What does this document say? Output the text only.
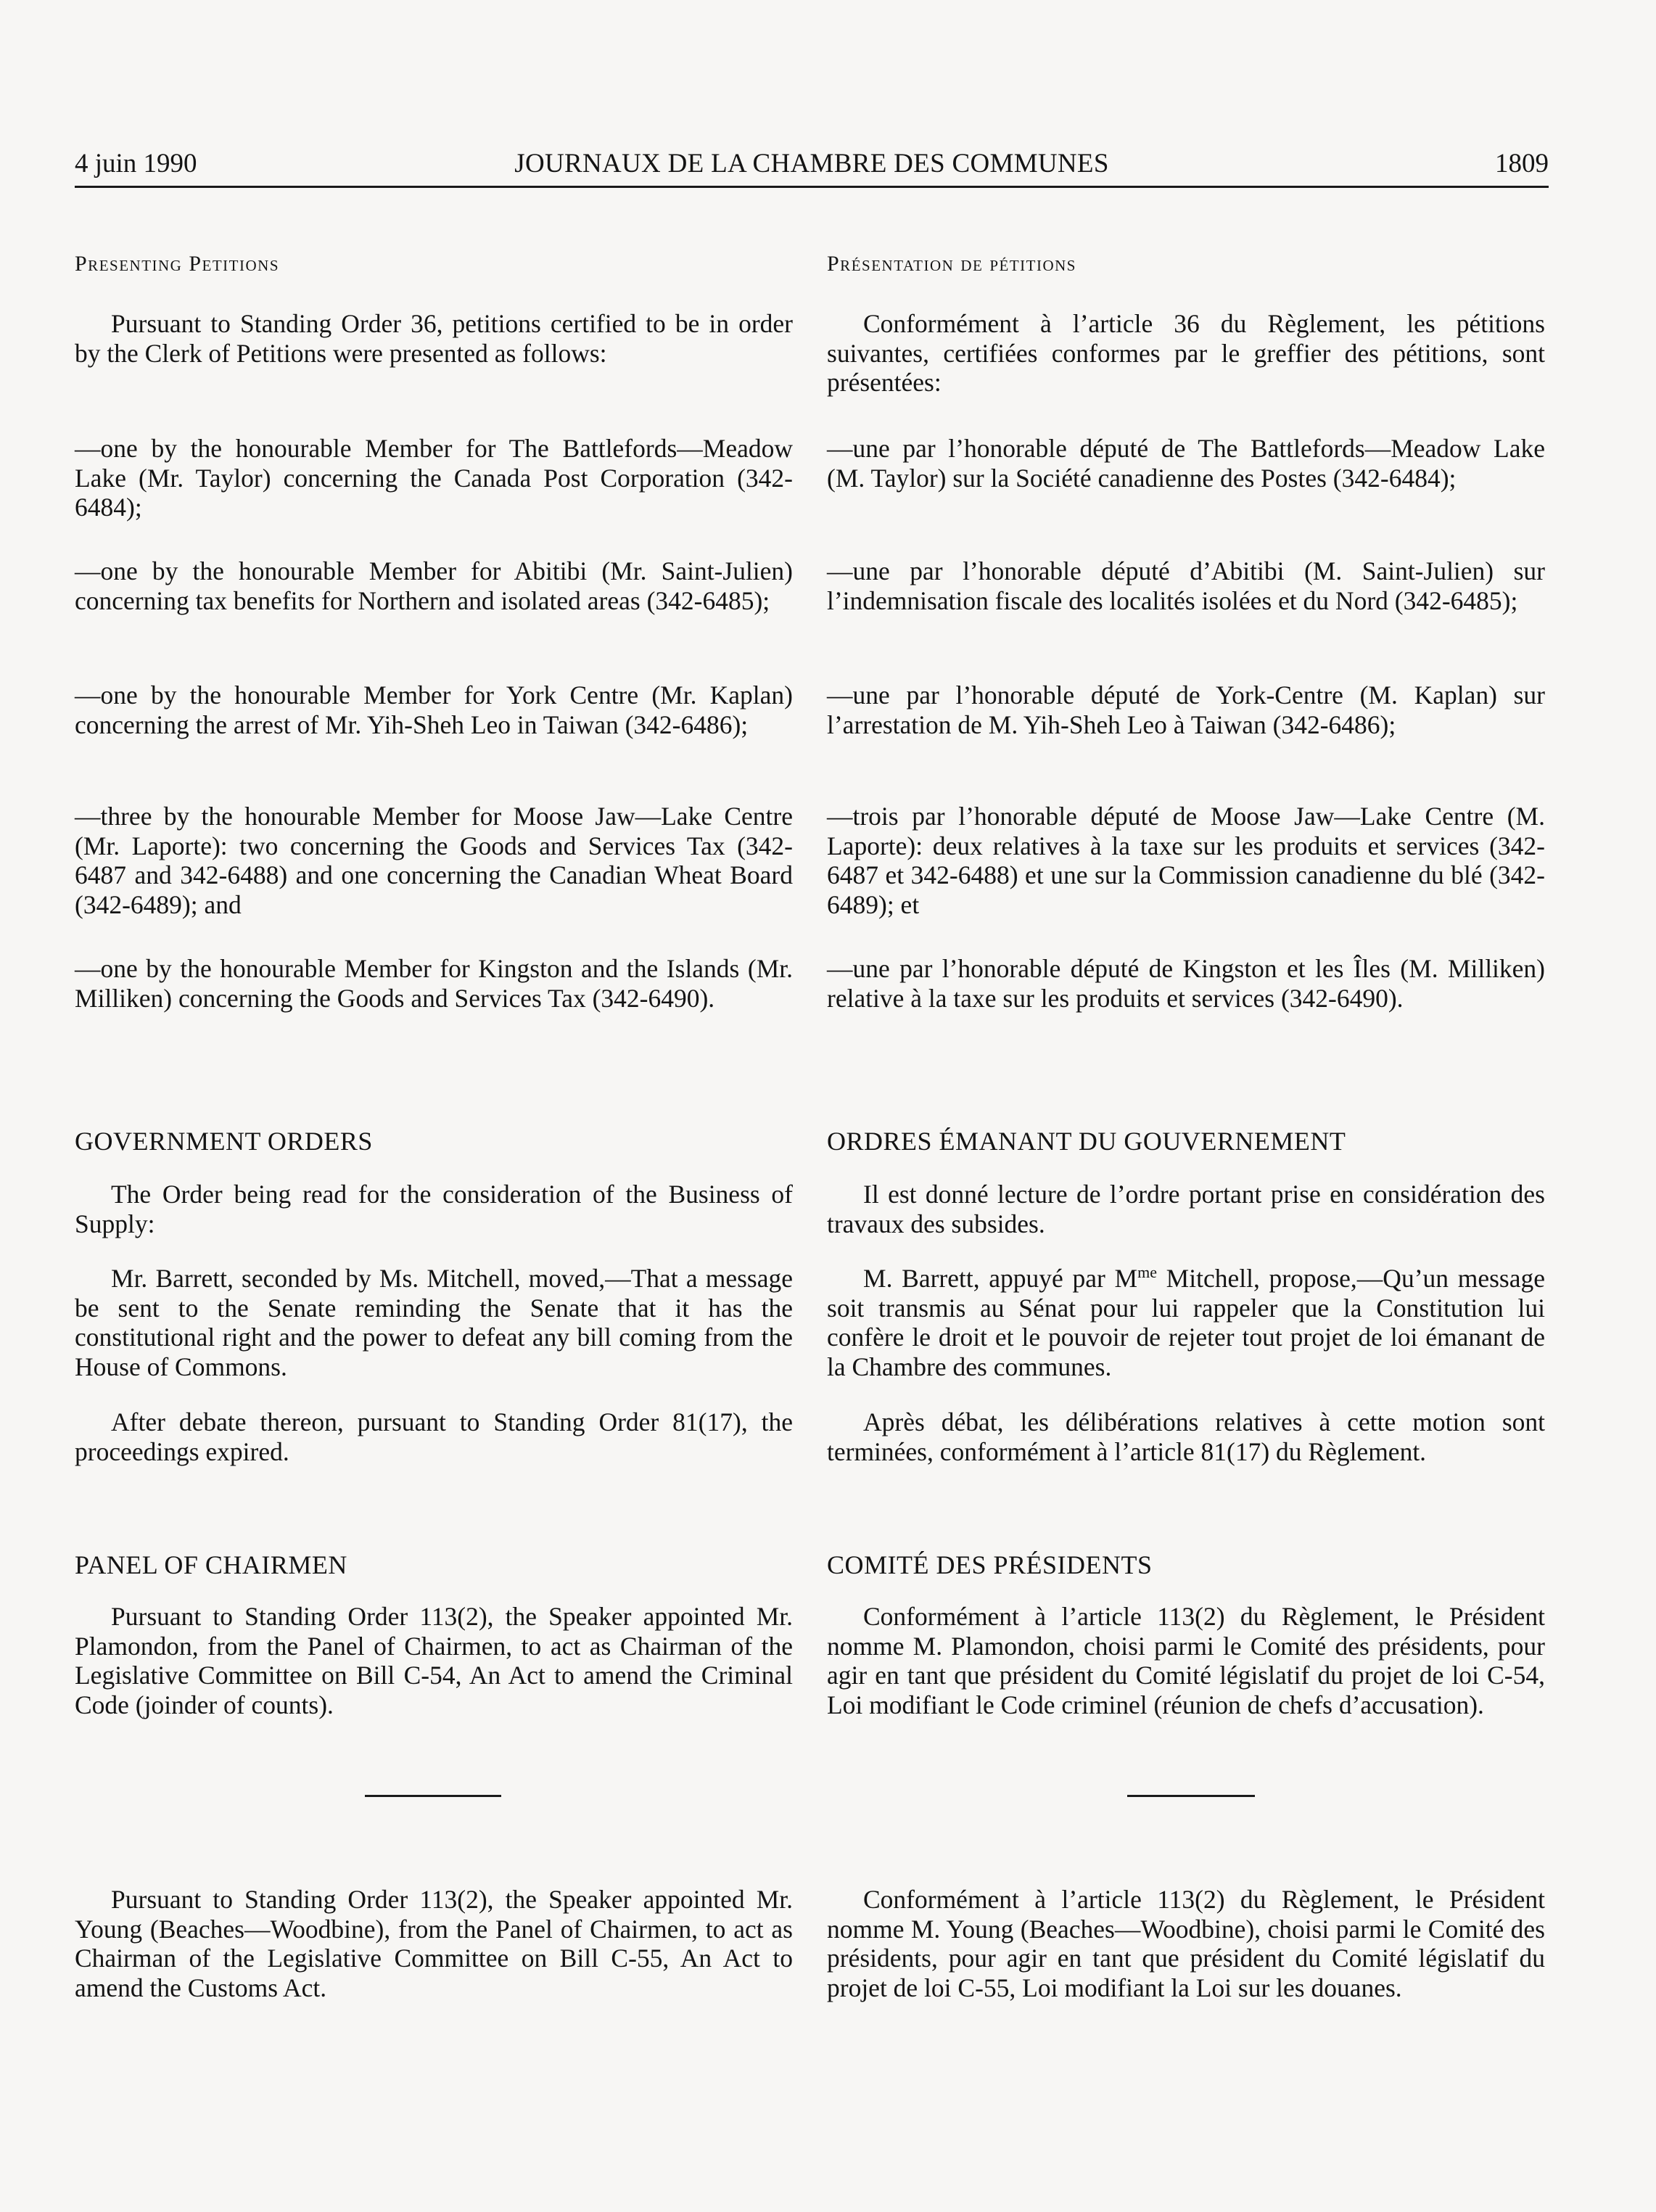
4 juin 1990	JOURNAUX DE LA CHAMBRE DES COMMUNES	1809
Presenting Petitions

Pursuant to Standing Order 36, petitions certified to be in order by the Clerk of Petitions were presented as follows:

—one by the honourable Member for The Battlefords—Meadow Lake (Mr. Taylor) concerning the Canada Post Corporation (342-6484);

—one by the honourable Member for Abitibi (Mr. Saint-Julien) concerning tax benefits for Northern and isolated areas (342-6485);

—one by the honourable Member for York Centre (Mr. Kaplan) concerning the arrest of Mr. Yih-Sheh Leo in Taiwan (342-6486);

—three by the honourable Member for Moose Jaw—Lake Centre (Mr. Laporte): two concerning the Goods and Services Tax (342-6487 and 342-6488) and one concerning the Canadian Wheat Board (342-6489); and

—one by the honourable Member for Kingston and the Islands (Mr. Milliken) concerning the Goods and Services Tax (342-6490).

GOVERNMENT ORDERS

The Order being read for the consideration of the Business of Supply:

Mr. Barrett, seconded by Ms. Mitchell, moved,—That a message be sent to the Senate reminding the Senate that it has the constitutional right and the power to defeat any bill coming from the House of Commons.

After debate thereon, pursuant to Standing Order 81(17), the proceedings expired.

PANEL OF CHAIRMEN

Pursuant to Standing Order 113(2), the Speaker appointed Mr. Plamondon, from the Panel of Chairmen, to act as Chairman of the Legislative Committee on Bill C-54, An Act to amend the Criminal Code (joinder of counts).

Pursuant to Standing Order 113(2), the Speaker appointed Mr. Young (Beaches—Woodbine), from the Panel of Chairmen, to act as Chairman of the Legislative Committee on Bill C-55, An Act to amend the Customs Act.

Présentation de pétitions

Conformément à l’article 36 du Règlement, les pétitions suivantes, certifiées conformes par le greffier des pétitions, sont présentées:

—une par l’honorable député de The Battlefords—Meadow Lake (M. Taylor) sur la Société canadienne des Postes (342-6484);

—une par l’honorable député d’Abitibi (M. Saint-Julien) sur l’indemnisation fiscale des localités isolées et du Nord (342-6485);

—une par l’honorable député de York-Centre (M. Kaplan) sur l’arrestation de M. Yih-Sheh Leo à Taiwan (342-6486);

—trois par l’honorable député de Moose Jaw—Lake Centre (M. Laporte): deux relatives à la taxe sur les produits et services (342-6487 et 342-6488) et une sur la Commission canadienne du blé (342-6489); et

—une par l’honorable député de Kingston et les Îles (M. Milliken) relative à la taxe sur les produits et services (342-6490).

ORDRES ÉMANANT DU GOUVERNEMENT

Il est donné lecture de l’ordre portant prise en considération des travaux des subsides.

M. Barrett, appuyé par $M^{me}$ Mitchell, propose,—Qu’un message soit transmis au Sénat pour lui rappeler que la Constitution lui confère le droit et le pouvoir de rejeter tout projet de loi émanant de la Chambre des communes.

Après débat, les délibérations relatives à cette motion sont terminées, conformément à l’article 81(17) du Règlement.

COMITÉ DES PRÉSIDENTS

Conformément à l’article 113(2) du Règlement, le Président nomme M. Plamondon, choisi parmi le Comité des présidents, pour agir en tant que président du Comité législatif du projet de loi C-54, Loi modifiant le Code criminel (réunion de chefs d’accusation).

Conformément à l’article 113(2) du Règlement, le Président nomme M. Young (Beaches—Woodbine), choisi parmi le Comité des présidents, pour agir en tant que président du Comité législatif du projet de loi C-55, Loi modifiant la Loi sur les douanes.
